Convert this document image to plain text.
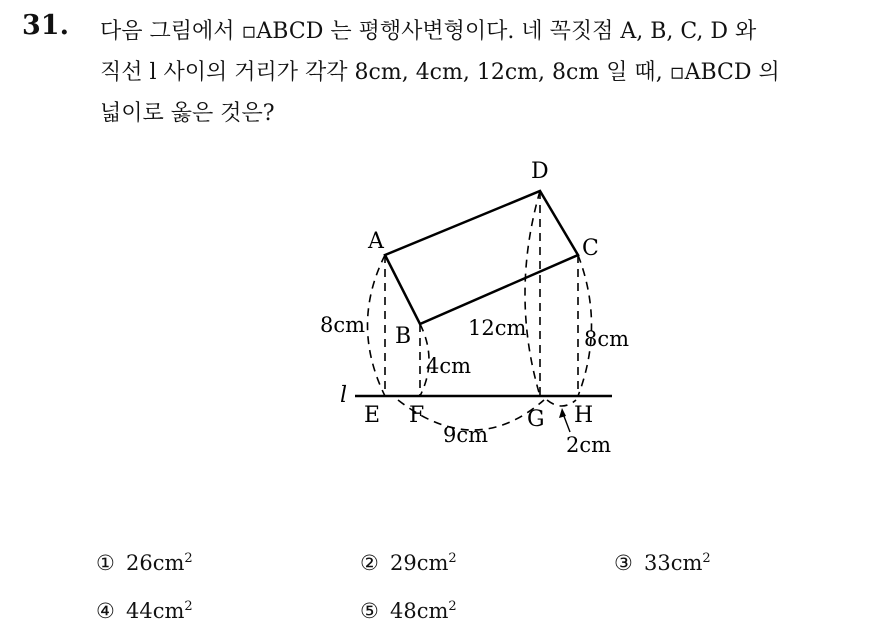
31. 다음 그림에서 ▫ABCD 는 평행사변형이다. 네 꼭짓점 A, B, C, D 와
직선 l 사이의 거리가 각각 8cm, 4cm, 12cm, 8cm 일 때, ▫ABCD 의
넓이로 옳은 것은?
A
B
C
D
E F	G H
l
8cm
4cm
12cm	8cm
9cm	2cm
① $26cm^2$	② $29cm^2$	③ $33cm^2$
④ $44cm^2$	⑤ $48cm^2$
